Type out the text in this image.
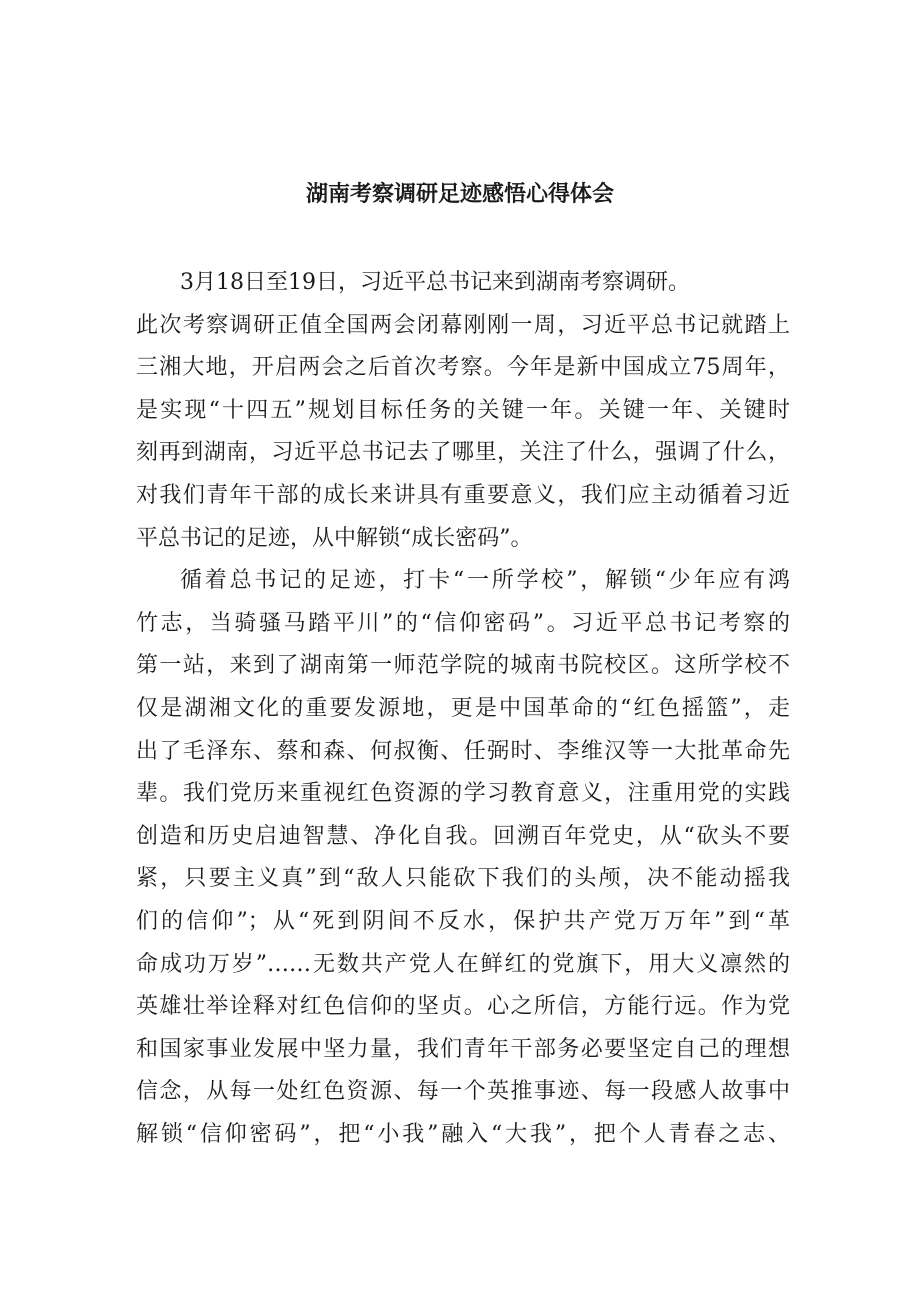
湖南考察调研足迹感悟心得体会
3月18日至19日，习近平总书记来到湖南考察调研。
此次考察调研正值全国两会闭幕刚刚一周，习近平总书记就踏上
三湘大地，开启两会之后首次考察。今年是新中国成立75周年，
是实现“十四五”规划目标任务的关键一年。关键一年、关键时
刻再到湖南，习近平总书记去了哪里，关注了什么，强调了什么，
对我们青年干部的成长来讲具有重要意义，我们应主动循着习近
平总书记的足迹，从中解锁“成长密码”。
循着总书记的足迹，打卡“一所学校”，解锁“少年应有鸿
竹志，当骑骚马踏平川”的“信仰密码”。习近平总书记考察的
第一站，来到了湖南第一师范学院的城南书院校区。这所学校不
仅是湖湘文化的重要发源地，更是中国革命的“红色摇篮”，走
出了毛泽东、蔡和森、何叔衡、任弼时、李维汉等一大批革命先
辈。我们党历来重视红色资源的学习教育意义，注重用党的实践
创造和历史启迪智慧、净化自我。回溯百年党史，从“砍头不要
紧，只要主义真”到“敌人只能砍下我们的头颅，决不能动摇我
们的信仰”；从“死到阴间不反水，保护共产党万万年”到“革
命成功万岁”……无数共产党人在鲜红的党旗下，用大义凛然的
英雄壮举诠释对红色信仰的坚贞。心之所信，方能行远。作为党
和国家事业发展中坚力量，我们青年干部务必要坚定自己的理想
信念，从每一处红色资源、每一个英推事迹、每一段感人故事中
解锁“信仰密码”，把“小我”融入“大我”，把个人青春之志、
